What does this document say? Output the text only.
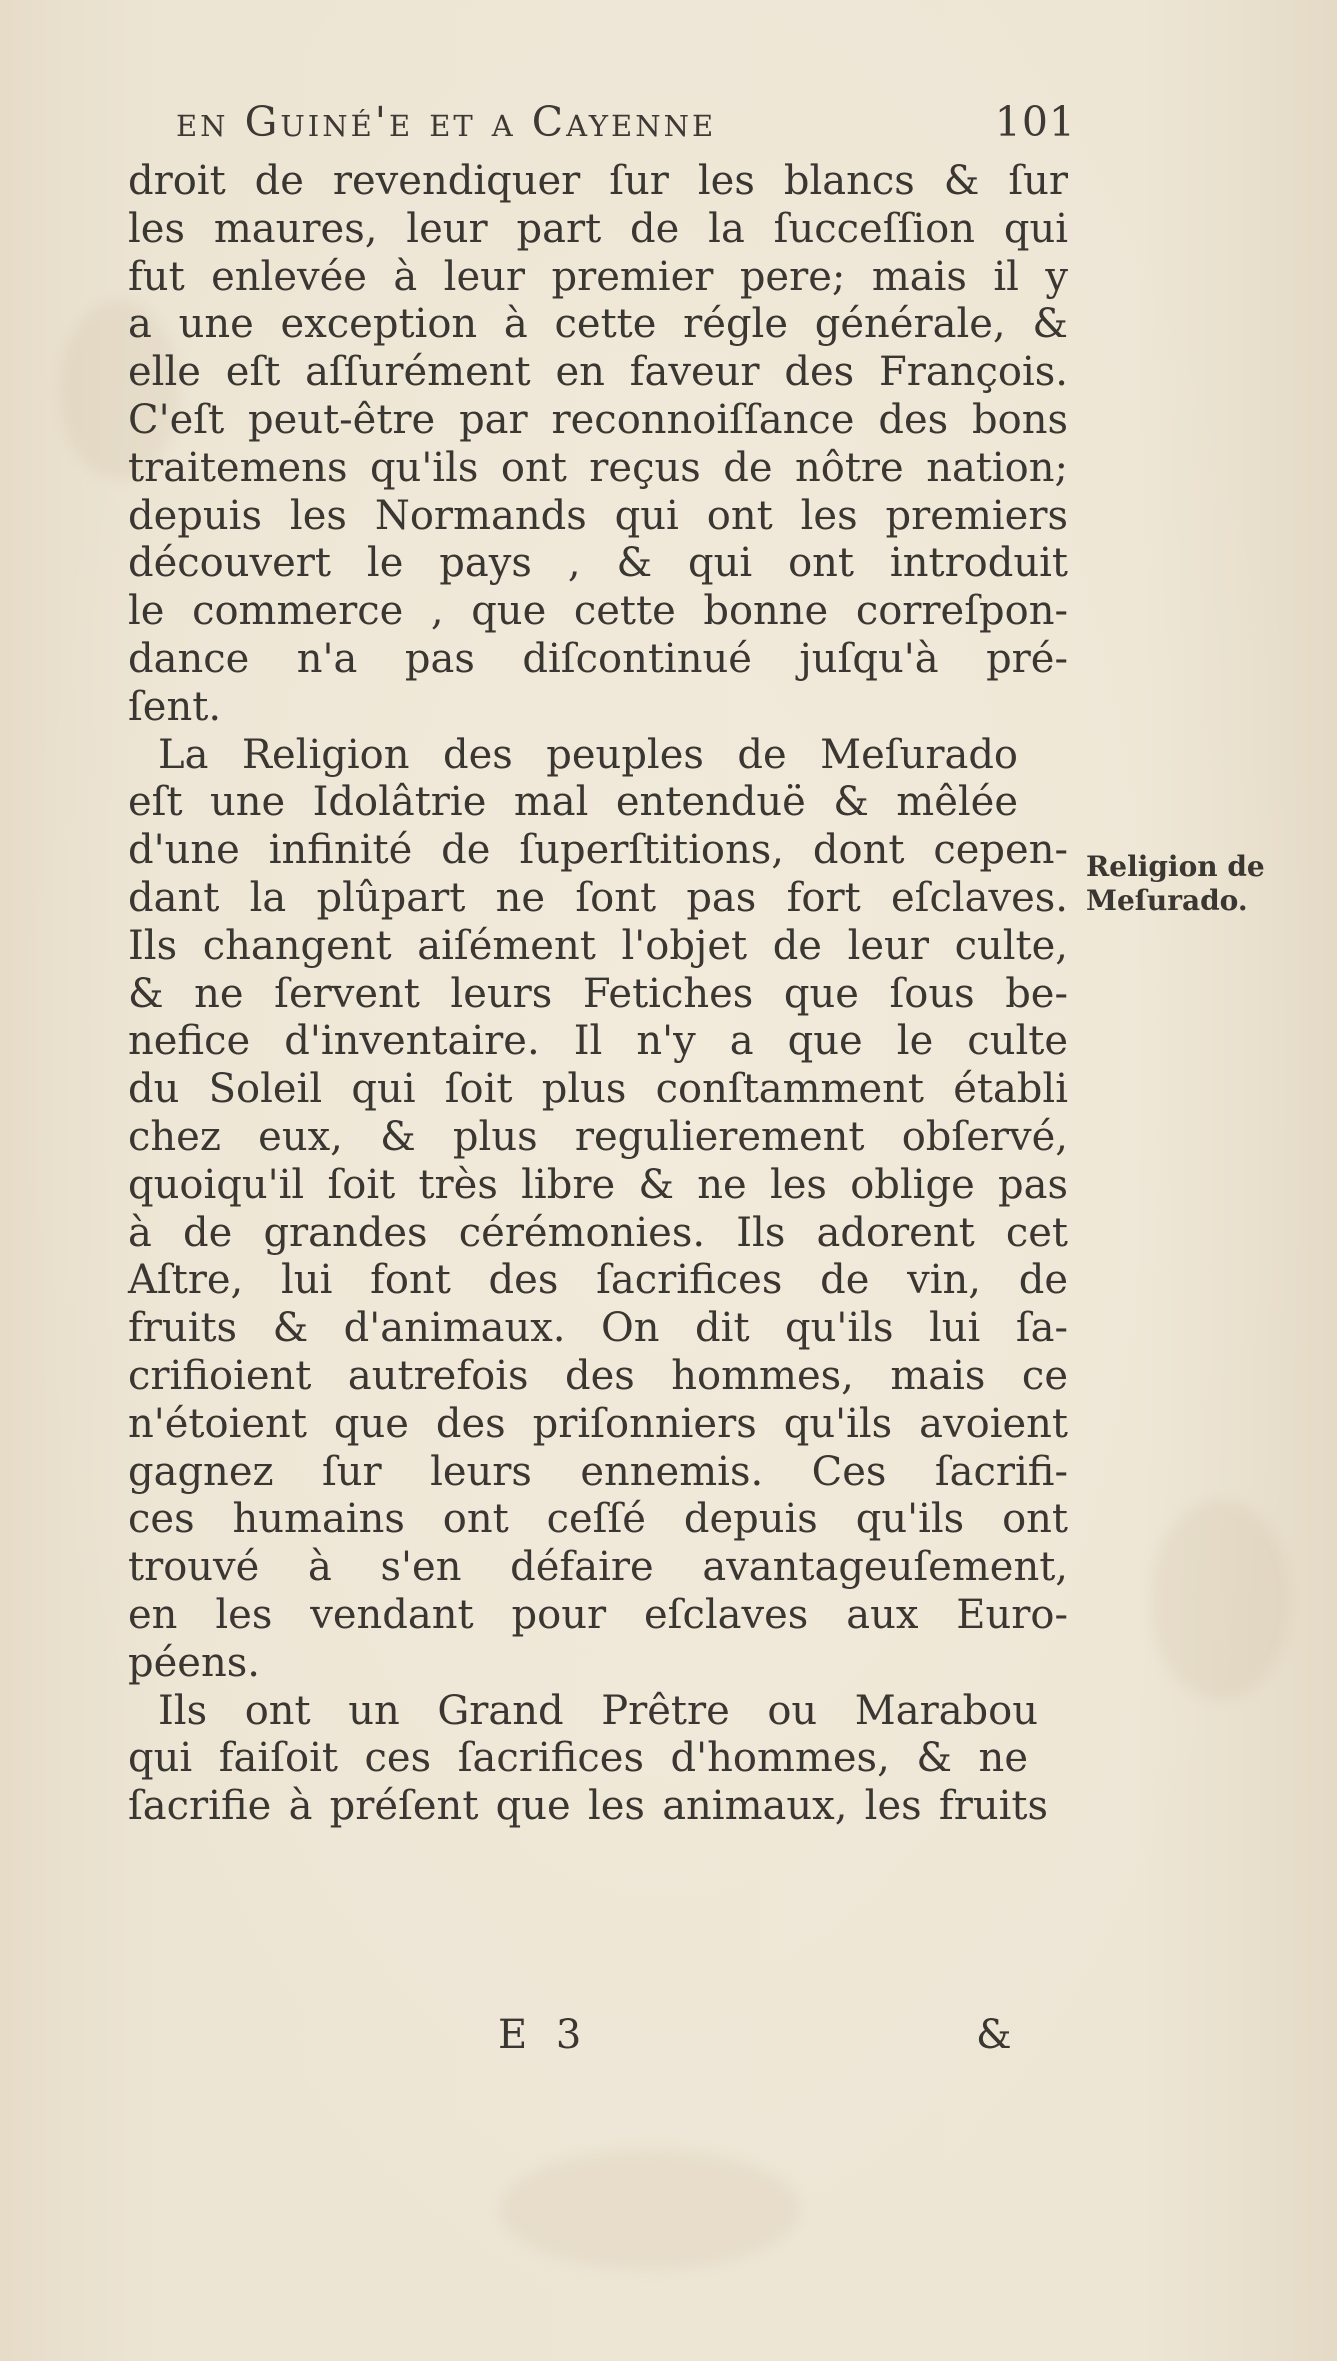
en Guiné'e et a Cayenne	101
droit de revendiquer ſur les blancs & ſur
les maures, leur part de la ſucceſſion qui
fut enlevée à leur premier pere; mais il y
a une exception à cette régle générale, &
elle eſt aſſurément en faveur des François.
C'eſt peut-être par reconnoiſſance des bons
traitemens qu'ils ont reçus de nôtre nation;
depuis les Normands qui ont les premiers
découvert le pays , & qui ont introduit
le commerce , que cette bonne correſpon-
dance n'a pas diſcontinué juſqu'à pré-
ſent.
La Religion des peuples de Meſurado
eſt une Idolâtrie mal entenduë & mêlée
d'une infinité de ſuperſtitions, dont cepen-
dant la plûpart ne ſont pas fort eſclaves.
Ils changent aiſément l'objet de leur culte,
& ne ſervent leurs Fetiches que ſous be-
nefice d'inventaire. Il n'y a que le culte
du Soleil qui ſoit plus conſtamment établi
chez eux, & plus regulierement obſervé,
quoiqu'il ſoit très libre & ne les oblige pas
à de grandes cérémonies. Ils adorent cet
Aſtre, lui font des ſacrifices de vin, de
fruits & d'animaux. On dit qu'ils lui ſa-
crifioient autrefois des hommes, mais ce
n'étoient que des priſonniers qu'ils avoient
gagnez ſur leurs ennemis. Ces ſacrifi-
ces humains ont ceſſé depuis qu'ils ont
trouvé à s'en défaire avantageuſement,
en les vendant pour eſclaves aux Euro-
péens.
Ils ont un Grand Prêtre ou Marabou
qui faiſoit ces ſacrifices d'hommes, & ne
ſacrifie à préſent que les animaux, les fruits
Religion de
Meſurado.
E 3	&
